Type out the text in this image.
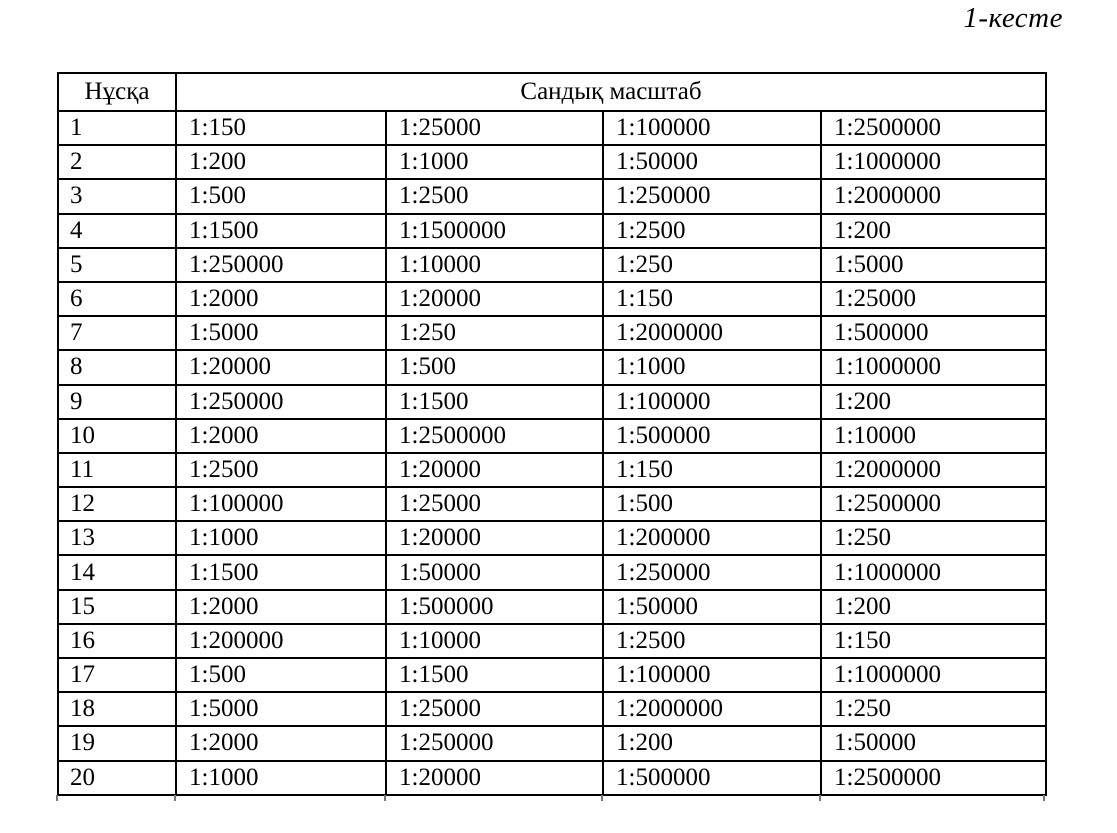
1-кесте
Нұсқа	Сандық масштаб			
1	1:150	1:25000	1:100000	1:2500000
2	1:200	1:1000	1:50000	1:1000000
3	1:500	1:2500	1:250000	1:2000000
4	1:1500	1:1500000	1:2500	1:200
5	1:250000	1:10000	1:250	1:5000
6	1:2000	1:20000	1:150	1:25000
7	1:5000	1:250	1:2000000	1:500000
8	1:20000	1:500	1:1000	1:1000000
9	1:250000	1:1500	1:100000	1:200
10	1:2000	1:2500000	1:500000	1:10000
11	1:2500	1:20000	1:150	1:2000000
12	1:100000	1:25000	1:500	1:2500000
13	1:1000	1:20000	1:200000	1:250
14	1:1500	1:50000	1:250000	1:1000000
15	1:2000	1:500000	1:50000	1:200
16	1:200000	1:10000	1:2500	1:150
17	1:500	1:1500	1:100000	1:1000000
18	1:5000	1:25000	1:2000000	1:250
19	1:2000	1:250000	1:200	1:50000
20	1:1000	1:20000	1:500000	1:2500000
